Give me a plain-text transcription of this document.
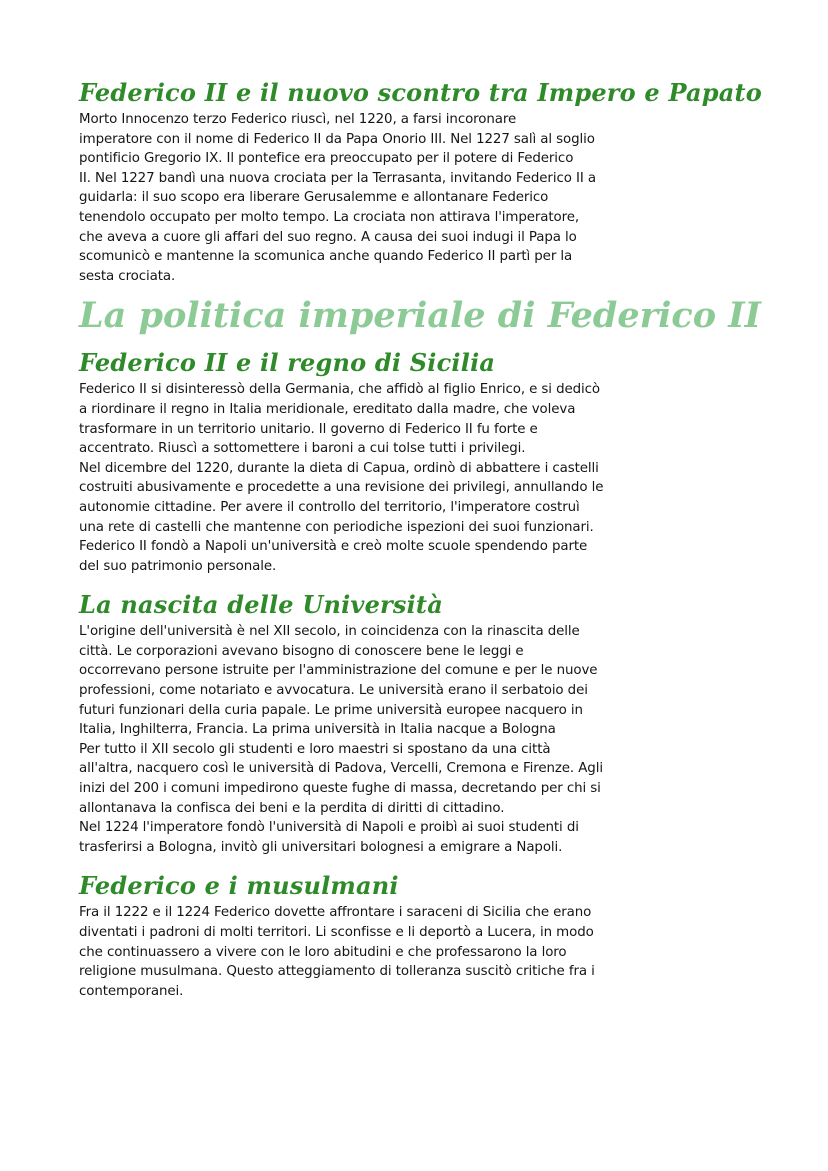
Federico II e il nuovo scontro tra Impero e Papato

Morto Innocenzo terzo Federico riuscì, nel 1220, a farsi incoronare
imperatore con il nome di Federico II da Papa Onorio III. Nel 1227 salì al soglio
pontificio Gregorio IX. Il pontefice era preoccupato per il potere di Federico
II. Nel 1227 bandì una nuova crociata per la Terrasanta, invitando Federico II a
guidarla: il suo scopo era liberare Gerusalemme e allontanare Federico
tenendolo occupato per molto tempo. La crociata non attirava l'imperatore,
che aveva a cuore gli affari del suo regno. A causa dei suoi indugi il Papa lo
scomunicò e mantenne la scomunica anche quando Federico II partì per la
sesta crociata.

La politica imperiale di Federico II
Federico II e il regno di Sicilia

Federico II si disinteressò della Germania, che affidò al figlio Enrico, e si dedicò
a riordinare il regno in Italia meridionale, ereditato dalla madre, che voleva
trasformare in un territorio unitario. Il governo di Federico II fu forte e
accentrato. Riuscì a sottomettere i baroni a cui tolse tutti i privilegi.
Nel dicembre del 1220, durante la dieta di Capua, ordinò di abbattere i castelli
costruiti abusivamente e procedette a una revisione dei privilegi, annullando le
autonomie cittadine. Per avere il controllo del territorio, l'imperatore costruì
una rete di castelli che mantenne con periodiche ispezioni dei suoi funzionari.
Federico II fondò a Napoli un'università e creò molte scuole spendendo parte
del suo patrimonio personale.

La nascita delle Università

L'origine dell'università è nel XII secolo, in coincidenza con la rinascita delle
città. Le corporazioni avevano bisogno di conoscere bene le leggi e
occorrevano persone istruite per l'amministrazione del comune e per le nuove
professioni, come notariato e avvocatura. Le università erano il serbatoio dei
futuri funzionari della curia papale. Le prime università europee nacquero in
Italia, Inghilterra, Francia. La prima università in Italia nacque a Bologna
Per tutto il XII secolo gli studenti e loro maestri si spostano da una città
all'altra, nacquero così le università di Padova, Vercelli, Cremona e Firenze. Agli
inizi del 200 i comuni impedirono queste fughe di massa, decretando per chi si
allontanava la confisca dei beni e la perdita di diritti di cittadino.
Nel 1224 l'imperatore fondò l'università di Napoli e proibì ai suoi studenti di
trasferirsi a Bologna, invitò gli universitari bolognesi a emigrare a Napoli.

Federico e i musulmani

Fra il 1222 e il 1224 Federico dovette affrontare i saraceni di Sicilia che erano
diventati i padroni di molti territori. Li sconfisse e li deportò a Lucera, in modo
che continuassero a vivere con le loro abitudini e che professarono la loro
religione musulmana. Questo atteggiamento di tolleranza suscitò critiche fra i
contemporanei.
